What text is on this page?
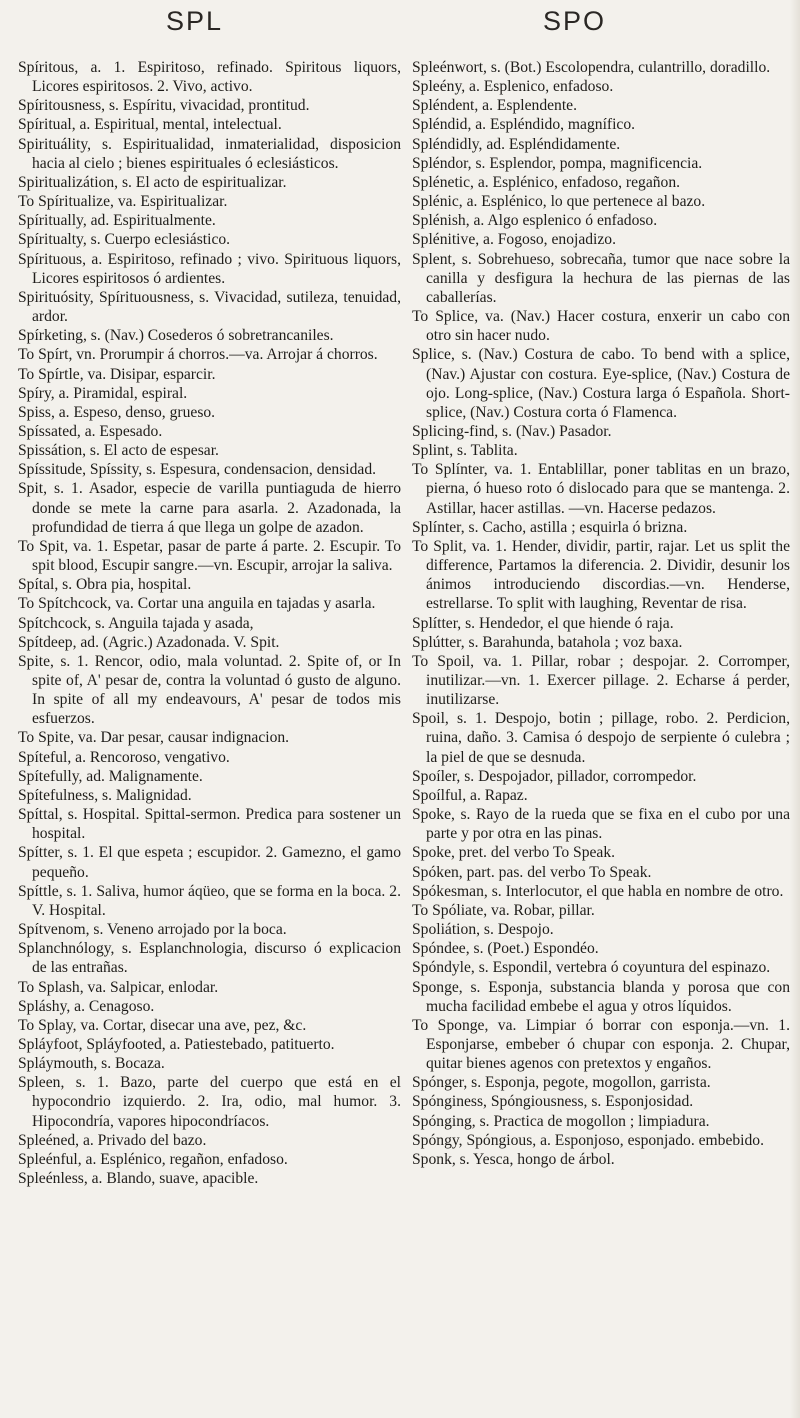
SPL	SPO
Spíritous, a. 1. Espiritoso, refinado. Spiritous liquors, Licores espiritosos. 2. Vivo, activo.
Spíritousness, s. Espíritu, vivacidad, prontitud.
Spíritual, a. Espiritual, mental, intelectual.
Spirituálity, s. Espiritualidad, inmaterialidad, disposicion hacia al cielo ; bienes espirituales ó eclesiásticos.
Spiritualizátion, s. El acto de espiritualizar.
To Spíritualize, va. Espiritualizar.
Spíritually, ad. Espiritualmente.
Spíritualty, s. Cuerpo eclesiástico.
Spírituous, a. Espiritoso, refinado ; vivo. Spirituous liquors, Licores espiritosos ó ardientes.
Spirituósity, Spírituousness, s. Vivacidad, sutileza, tenuidad, ardor.
Spírketing, s. (Nav.) Cosederos ó sobretrancaniles.
To Spírt, vn. Prorumpir á chorros.—va. Arrojar á chorros.
To Spírtle, va. Disipar, esparcir.
Spíry, a. Piramidal, espiral.
Spiss, a. Espeso, denso, grueso.
Spíssated, a. Espesado.
Spissátion, s. El acto de espesar.
Spíssitude, Spíssity, s. Espesura, condensacion, densidad.
Spit, s. 1. Asador, especie de varilla puntiaguda de hierro donde se mete la carne para asarla. 2. Azadonada, la profundidad de tierra á que llega un golpe de azadon.
To Spit, va. 1. Espetar, pasar de parte á parte. 2. Escupir. To spit blood, Escupir sangre.—vn. Escupir, arrojar la saliva.
Spítal, s. Obra pia, hospital.
To Spítchcock, va. Cortar una anguila en tajadas y asarla.
Spítchcock, s. Anguila tajada y asada,
Spítdeep, ad. (Agric.) Azadonada. V. Spit.
Spite, s. 1. Rencor, odio, mala voluntad. 2. Spite of, or In spite of, A' pesar de, contra la voluntad ó gusto de alguno. In spite of all my endeavours, A' pesar de todos mis esfuerzos.
To Spite, va. Dar pesar, causar indignacion.
Spíteful, a. Rencoroso, vengativo.
Spítefully, ad. Malignamente.
Spítefulness, s. Malignidad.
Spíttal, s. Hospital. Spittal-sermon. Predica para sostener un hospital.
Spítter, s. 1. El que espeta ; escupidor. 2. Gamezno, el gamo pequeño.
Spíttle, s. 1. Saliva, humor áqüeo, que se forma en la boca. 2. V. Hospital.
Spítvenom, s. Veneno arrojado por la boca.
Splanchnólogy, s. Esplanchnologia, discurso ó explicacion de las entrañas.
To Splash, va. Salpicar, enlodar.
Spláshy, a. Cenagoso.
To Splay, va. Cortar, disecar una ave, pez, &c.
Spláyfoot, Spláyfooted, a. Patiestebado, patituerto.
Spláymouth, s. Bocaza.
Spleen, s. 1. Bazo, parte del cuerpo que está en el hypocondrio izquierdo. 2. Ira, odio, mal humor. 3. Hipocondría, vapores hipocondríacos.
Spleéned, a. Privado del bazo.
Spleénful, a. Esplénico, regañon, enfadoso.
Spleénless, a. Blando, suave, apacible.
Spleénwort, s. (Bot.) Escolopendra, culantrillo, doradillo.
Spleény, a. Esplenico, enfadoso.
Spléndent, a. Esplendente.
Spléndid, a. Espléndido, magnífico.
Spléndidly, ad. Espléndidamente.
Spléndor, s. Esplendor, pompa, magnificencia.
Splénetic, a. Esplénico, enfadoso, regañon.
Splénic, a. Esplénico, lo que pertenece al bazo.
Splénish, a. Algo esplenico ó enfadoso.
Splénitive, a. Fogoso, enojadizo.
Splent, s. Sobrehueso, sobrecaña, tumor que nace sobre la canilla y desfigura la hechura de las piernas de las caballerías.
To Splice, va. (Nav.) Hacer costura, enxerir un cabo con otro sin hacer nudo.
Splice, s. (Nav.) Costura de cabo. To bend with a splice, (Nav.) Ajustar con costura. Eye-splice, (Nav.) Costura de ojo. Long-splice, (Nav.) Costura larga ó Española. Short-splice, (Nav.) Costura corta ó Flamenca.
Splicing-find, s. (Nav.) Pasador.
Splint, s. Tablita.
To Splínter, va. 1. Entablillar, poner tablitas en un brazo, pierna, ó hueso roto ó dislocado para que se mantenga. 2. Astillar, hacer astillas. —vn. Hacerse pedazos.
Splínter, s. Cacho, astilla ; esquirla ó brizna.
To Split, va. 1. Hender, dividir, partir, rajar. Let us split the difference, Partamos la diferencia. 2. Dividir, desunir los ánimos introduciendo discordias.—vn. Henderse, estrellarse. To split with laughing, Reventar de risa.
Splítter, s. Hendedor, el que hiende ó raja.
Splútter, s. Barahunda, batahola ; voz baxa.
To Spoil, va. 1. Pillar, robar ; despojar. 2. Corromper, inutilizar.—vn. 1. Exercer pillage. 2. Echarse á perder, inutilizarse.
Spoil, s. 1. Despojo, botin ; pillage, robo. 2. Perdicion, ruina, daño. 3. Camisa ó despojo de serpiente ó culebra ; la piel de que se desnuda.
Spoíler, s. Despojador, pillador, corrompedor.
Spoílful, a. Rapaz.
Spoke, s. Rayo de la rueda que se fixa en el cubo por una parte y por otra en las pinas.
Spoke, pret. del verbo To Speak.
Spóken, part. pas. del verbo To Speak.
Spókesman, s. Interlocutor, el que habla en nombre de otro.
To Spóliate, va. Robar, pillar.
Spoliátion, s. Despojo.
Spóndee, s. (Poet.) Espondéo.
Spóndyle, s. Espondil, vertebra ó coyuntura del espinazo.
Sponge, s. Esponja, substancia blanda y porosa que con mucha facilidad embebe el agua y otros líquidos.
To Sponge, va. Limpiar ó borrar con esponja.—vn. 1. Esponjarse, embeber ó chupar con esponja. 2. Chupar, quitar bienes agenos con pretextos y engaños.
Spónger, s. Esponja, pegote, mogollon, garrista.
Spónginess, Spóngiousness, s. Esponjosidad.
Spónging, s. Practica de mogollon ; limpiadura.
Spóngy, Spóngious, a. Esponjoso, esponjado. embebido.
Sponk, s. Yesca, hongo de árbol.
